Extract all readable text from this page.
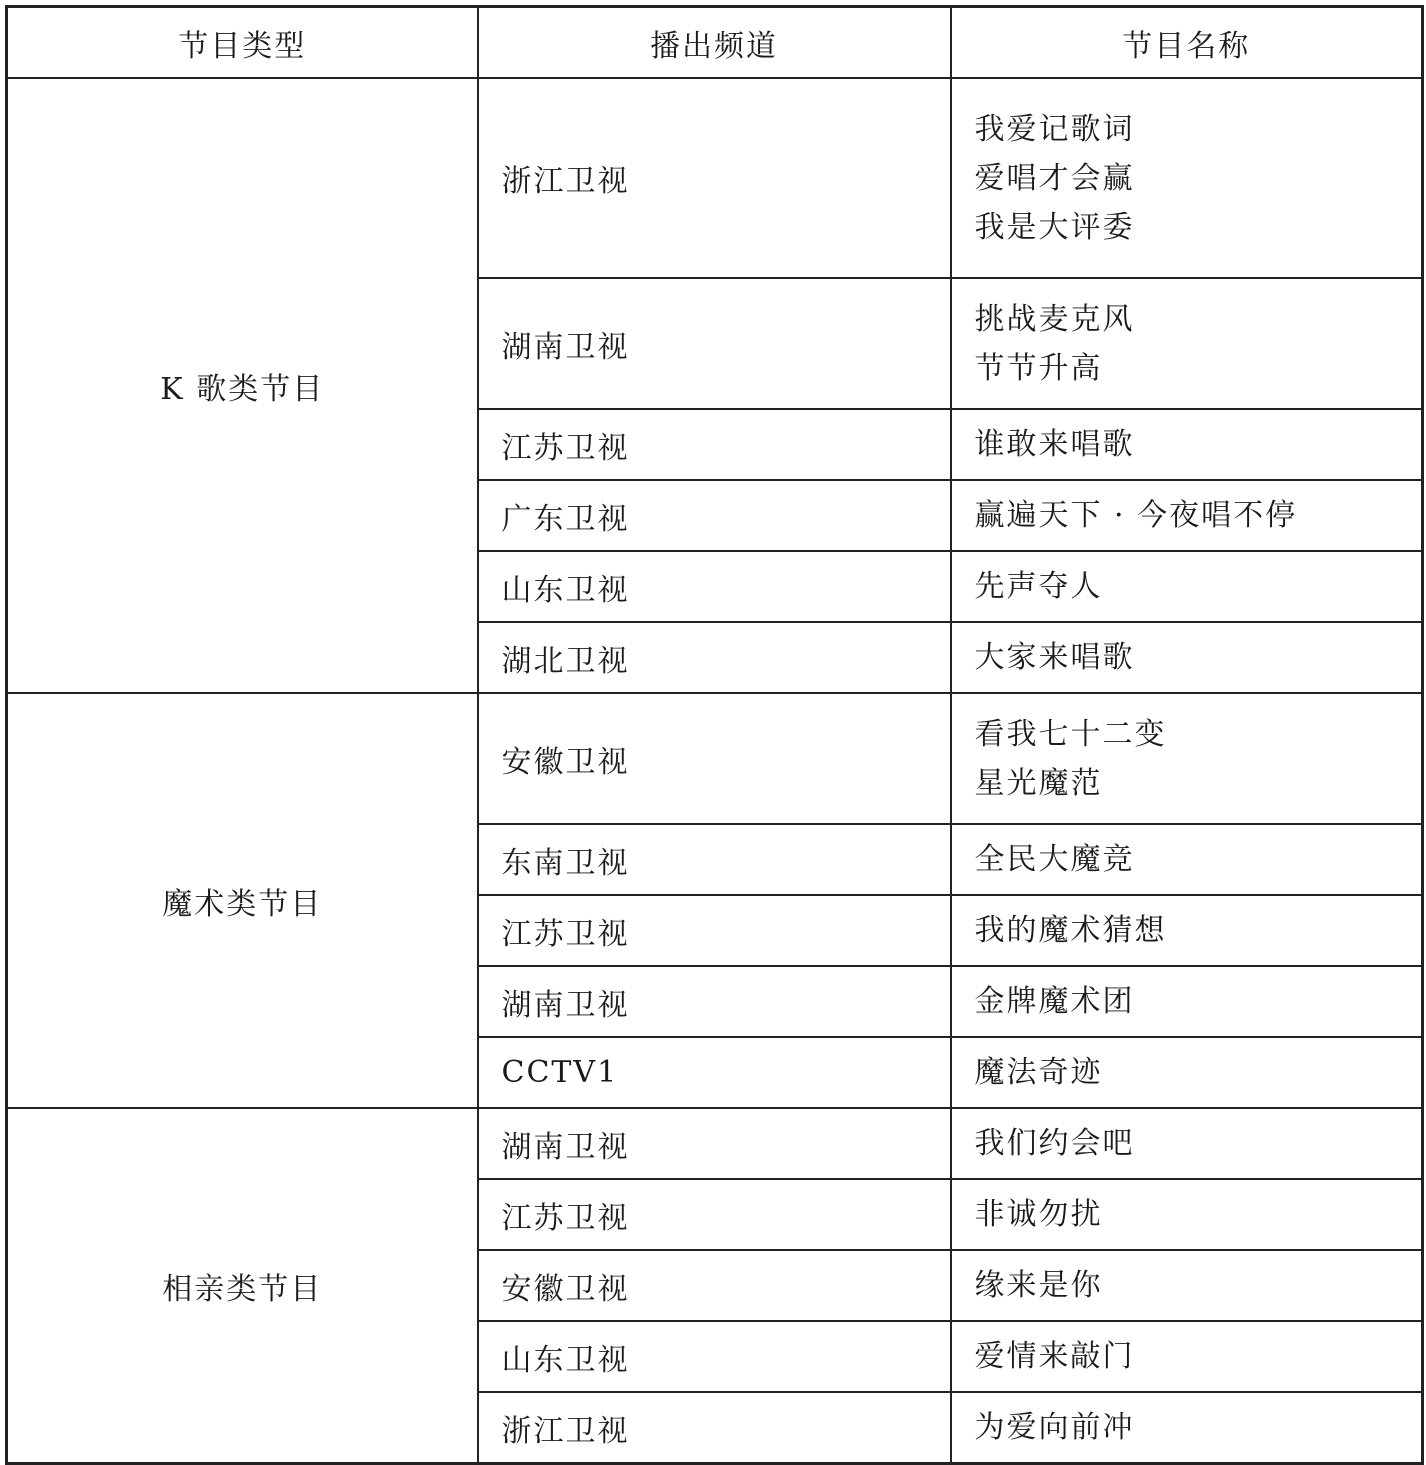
节目类型	播出频道	节目名称
K 歌类节目	浙江卫视	我爱记歌词
爱唱才会赢
我是大评委

	湖南卫视	挑战麦克风
节节升高

	江苏卫视	谁敢来唱歌

	广东卫视	赢遍天下 · 今夜唱不停

	山东卫视	先声夺人

	湖北卫视	大家来唱歌

魔术类节目	安徽卫视	看我七十二变
星光魔范

	东南卫视	全民大魔竞

	江苏卫视	我的魔术猜想

	湖南卫视	金牌魔术团

	CCTV1	魔法奇迹

相亲类节目	湖南卫视	我们约会吧

	江苏卫视	非诚勿扰

	安徽卫视	缘来是你

	山东卫视	爱情来敲门

	浙江卫视	为爱向前冲
